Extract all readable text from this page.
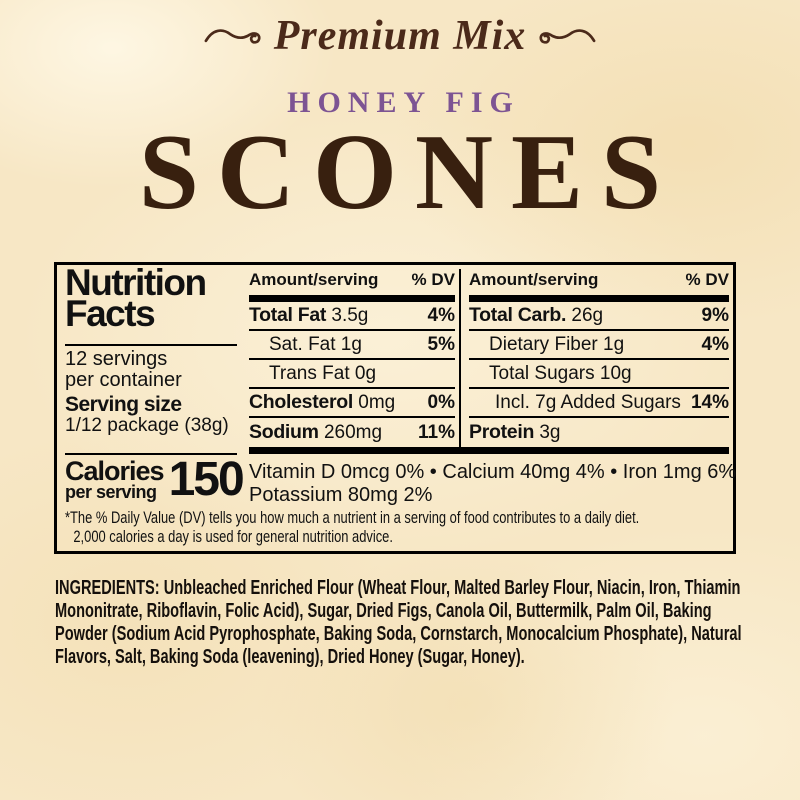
Premium Mix
HONEY FIG
SCONES
Nutrition
Facts
12 servings
per container
Serving size
1/12 package (38g)
Calories
per serving 150
Amount/serving % DV
Total Fat 3.5g	4%
Sat. Fat 1g	5%
Trans Fat 0g
Cholesterol 0mg 0%
Sodium 260mg 11%
Amount/serving	% DV
Total Carb. 26g	9%
Dietary Fiber 1g	4%
Total Sugars 10g
Incl. 7g Added Sugars 14%
Protein 3g
Vitamin D 0mcg 0% • Calcium 40mg 4% • Iron 1mg 6%
Potassium 80mg 2%
*The % Daily Value (DV) tells you how much a nutrient in a serving of food contributes to a daily diet.
2,000 calories a day is used for general nutrition advice.
INGREDIENTS: Unbleached Enriched Flour (Wheat Flour, Malted Barley Flour, Niacin, Iron, Thiamin Mononitrate, Riboflavin, Folic Acid), Sugar, Dried Figs, Canola Oil, Buttermilk, Palm Oil, Baking Powder (Sodium Acid Pyrophosphate, Baking Soda, Cornstarch, Monocalcium Phosphate), Natural Flavors, Salt, Baking Soda (leavening), Dried Honey (Sugar, Honey).
